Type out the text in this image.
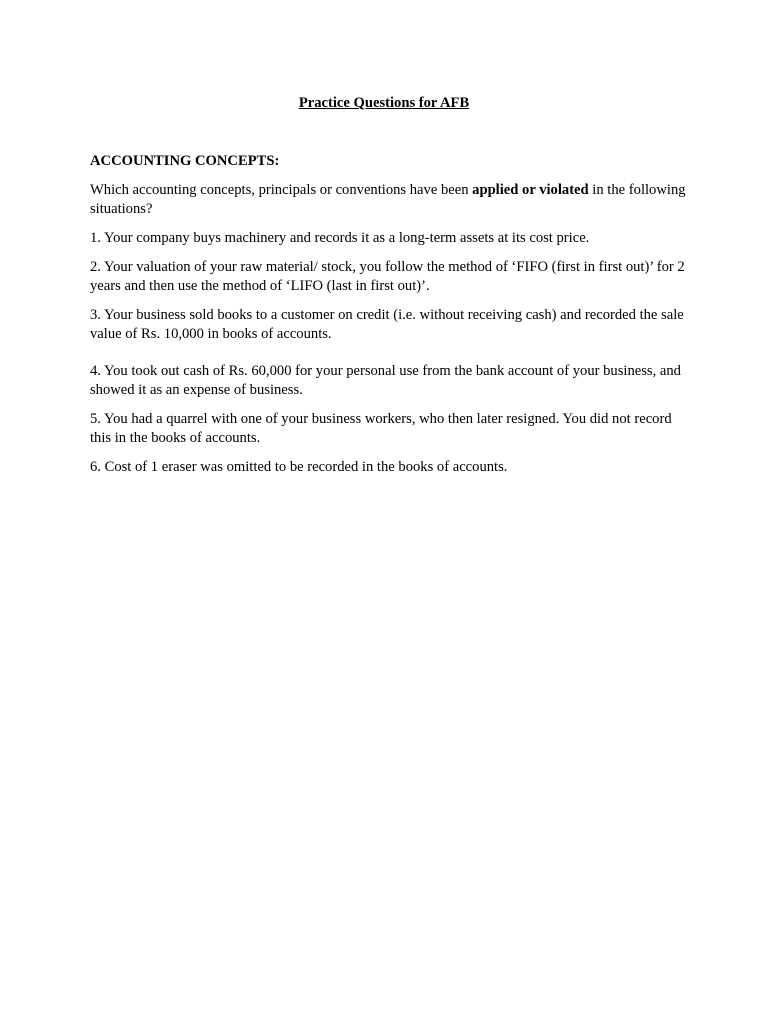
Practice Questions for AFB

ACCOUNTING CONCEPTS:

Which accounting concepts, principals or conventions have been applied or violated in the following situations?

1. Your company buys machinery and records it as a long-term assets at its cost price.

2. Your valuation of your raw material/ stock, you follow the method of ‘FIFO (first in first out)’ for 2 years and then use the method of ‘LIFO (last in first out)’.

3. Your business sold books to a customer on credit (i.e. without receiving cash) and recorded the sale value of Rs. 10,000 in books of accounts.

4. You took out cash of Rs. 60,000 for your personal use from the bank account of your business, and showed it as an expense of business.

5. You had a quarrel with one of your business workers, who then later resigned. You did not record this in the books of accounts.

6. Cost of 1 eraser was omitted to be recorded in the books of accounts.
